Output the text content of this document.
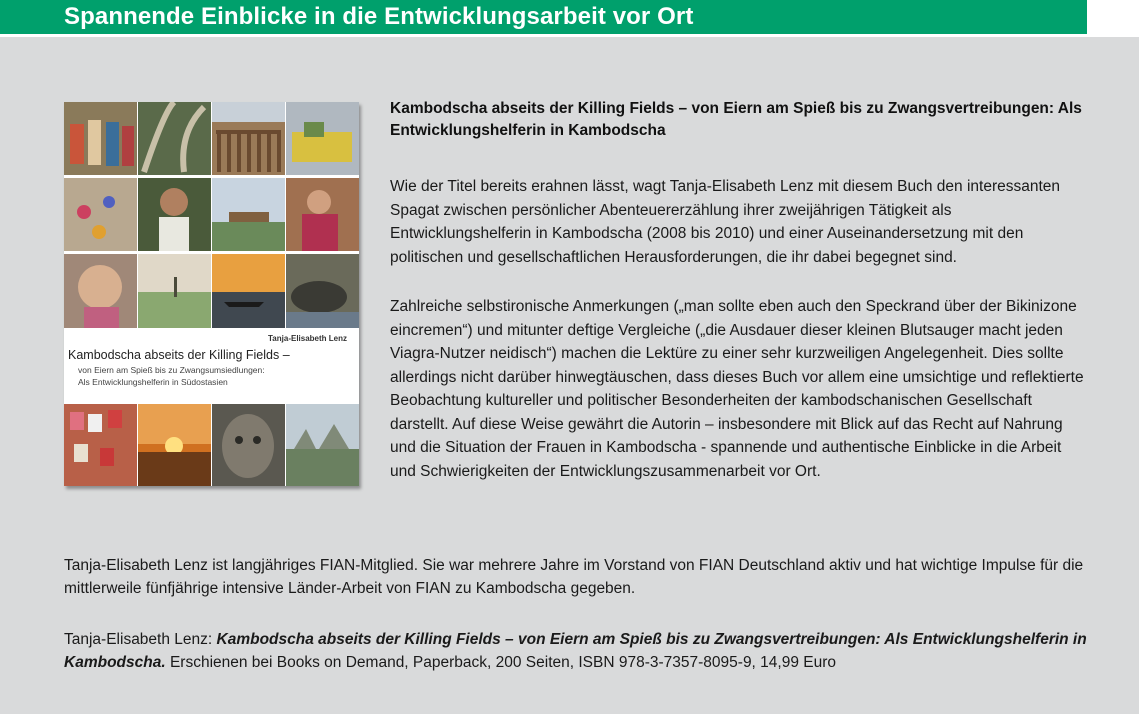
Spannende Einblicke in die Entwicklungsarbeit vor Ort
Tanja-Elisabeth Lenz
Kambodscha abseits der Killing Fields –
von Eiern am Spieß bis zu Zwangsumsiedlungen:
Als Entwicklungshelferin in Südostasien
Kambodscha abseits der Killing Fields – von Eiern am Spieß bis zu Zwangsvertreibungen: Als Entwicklungshelferin in Kambodscha
Wie der Titel bereits erahnen lässt, wagt Tanja-Elisabeth Lenz mit diesem Buch den interessanten Spagat zwischen persönlicher Abenteuererzählung ihrer zweijährigen Tätigkeit als Entwicklungshelferin in Kambodscha (2008 bis 2010) und einer Auseinandersetzung mit den politischen und gesellschaftlichen Herausforderungen, die ihr dabei begegnet sind.
Zahlreiche selbstironische Anmerkungen („man sollte eben auch den Speckrand über der Bikinizone eincremen“) und mitunter deftige Vergleiche („die Ausdauer dieser kleinen Blutsauger macht jeden Viagra-Nutzer neidisch“) machen die Lektüre zu einer sehr kurzweiligen Angelegenheit. Dies sollte allerdings nicht darüber hinwegtäuschen, dass dieses Buch vor allem eine umsichtige und reflektierte Beobachtung kultureller und politischer Besonderheiten der kambodschanischen Gesellschaft darstellt. Auf diese Weise gewährt die Autorin – insbesondere mit Blick auf das Recht auf Nahrung und die Situation der Frauen in Kambodscha - spannende und authentische Einblicke in die Arbeit und Schwierigkeiten der Entwicklungszusammenarbeit vor Ort.
Tanja-Elisabeth Lenz ist langjähriges FIAN-Mitglied. Sie war mehrere Jahre im Vorstand von FIAN Deutschland aktiv und hat wichtige Impulse für die mittlerweile fünfjährige intensive Länder-Arbeit von FIAN zu Kambodscha gegeben.
Tanja-Elisabeth Lenz: Kambodscha abseits der Killing Fields – von Eiern am Spieß bis zu Zwangsvertreibungen: Als Entwicklungshelferin in Kambodscha. Erschienen bei Books on Demand, Paperback, 200 Seiten, ISBN 978-3-7357-8095-9, 14,99 Euro
